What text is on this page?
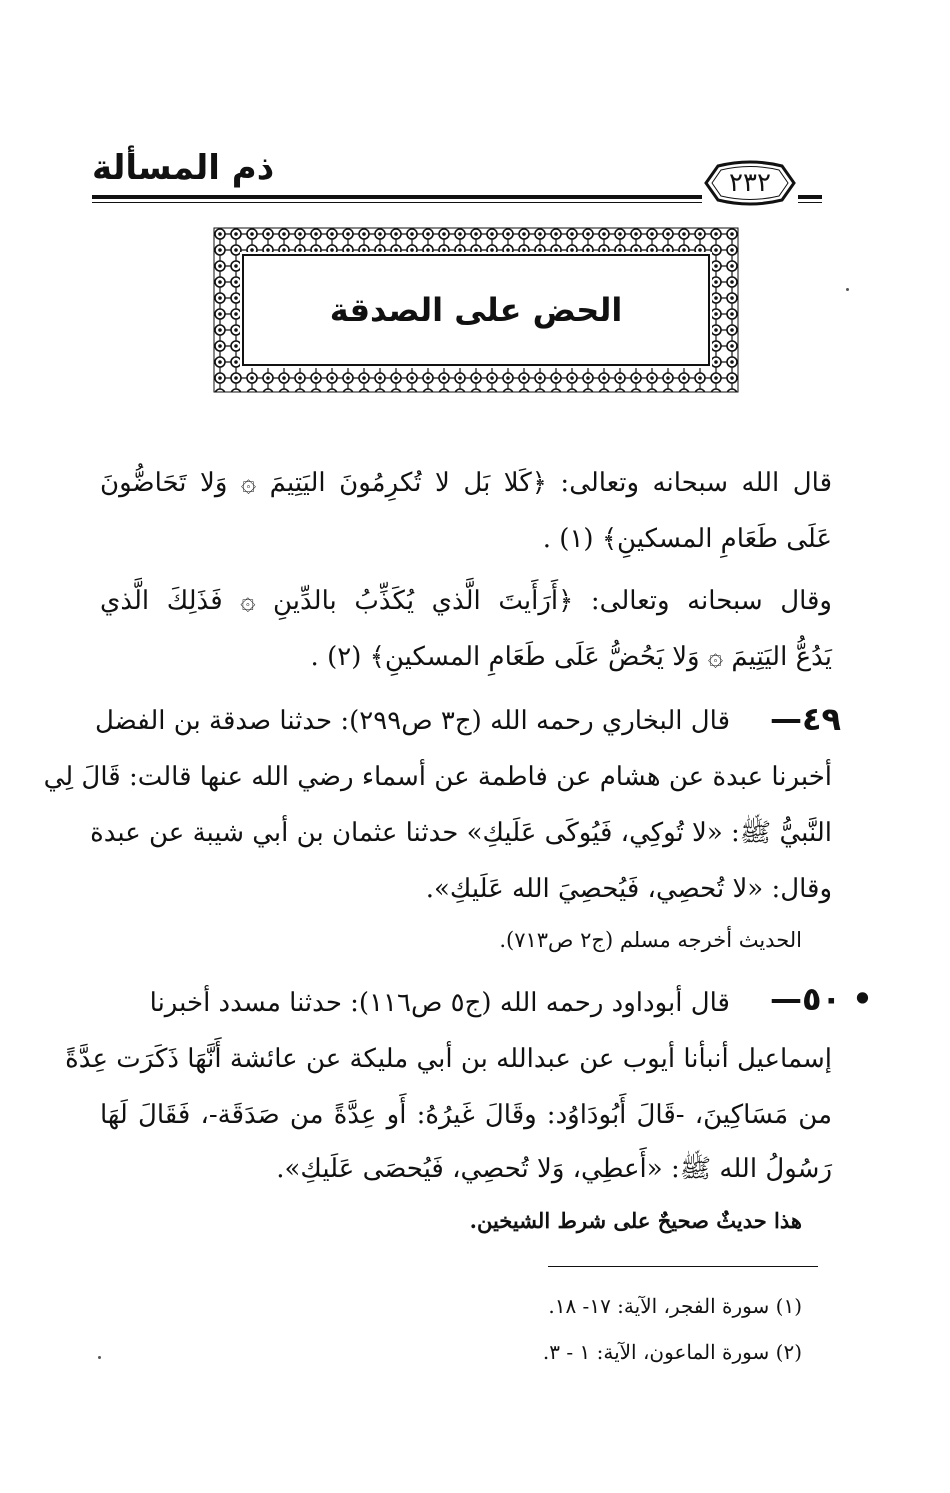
ذم المسألة	٢٣٢
الحض على الصدقة
قال الله سبحانه وتعالى: ﴿كَلا بَل لا تُكرِمُونَ اليَتِيمَ ۞ وَلا تَحَاضُّونَ
عَلَى طَعَامِ المسكينِ﴾ (١) .
وقال سبحانه وتعالى: ﴿أَرَأَيتَ الَّذي يُكَذِّبُ بالدِّينِ ۞ فَذَلِكَ الَّذي
يَدُعُّ اليَتِيمَ ۞ وَلا يَحُضُّ عَلَى طَعَامِ المسكينِ﴾ (٢) .
٤٩—
قال البخاري رحمه الله (ج٣ ص٢٩٩): حدثنا صدقة بن الفضل
أخبرنا عبدة عن هشام عن فاطمة عن أسماء رضي الله عنها قالت: قَالَ لِي
النَّبيُّ ﷺ: «لا تُوكِي، فَيُوكَى عَلَيكِ» حدثنا عثمان بن أبي شيبة عن عبدة
وقال: «لا تُحصِي، فَيُحصِيَ الله عَلَيكِ».
الحديث أخرجه مسلم (ج٢ ص٧١٣).
• ٥٠—
قال أبوداود رحمه الله (ج٥ ص١١٦): حدثنا مسدد أخبرنا
إسماعيل أنبأنا أيوب عن عبدالله بن أبي مليكة عن عائشة أَنَّهَا ذَكَرَت عِدَّةً
من مَسَاكِينَ، -قَالَ أَبُودَاوُد: وقَالَ غَيرُهُ: أَو عِدَّةً من صَدَقَة-، فَقَالَ لَهَا
رَسُولُ الله ﷺ: «أَعطِي، وَلا تُحصِي، فَيُحصَى عَلَيكِ».
هذا حديثٌ صحيحٌ على شرط الشيخين.
(١) سورة الفجر، الآية: ١٧- ١٨.
(٢) سورة الماعون، الآية: ١ - ٣.
